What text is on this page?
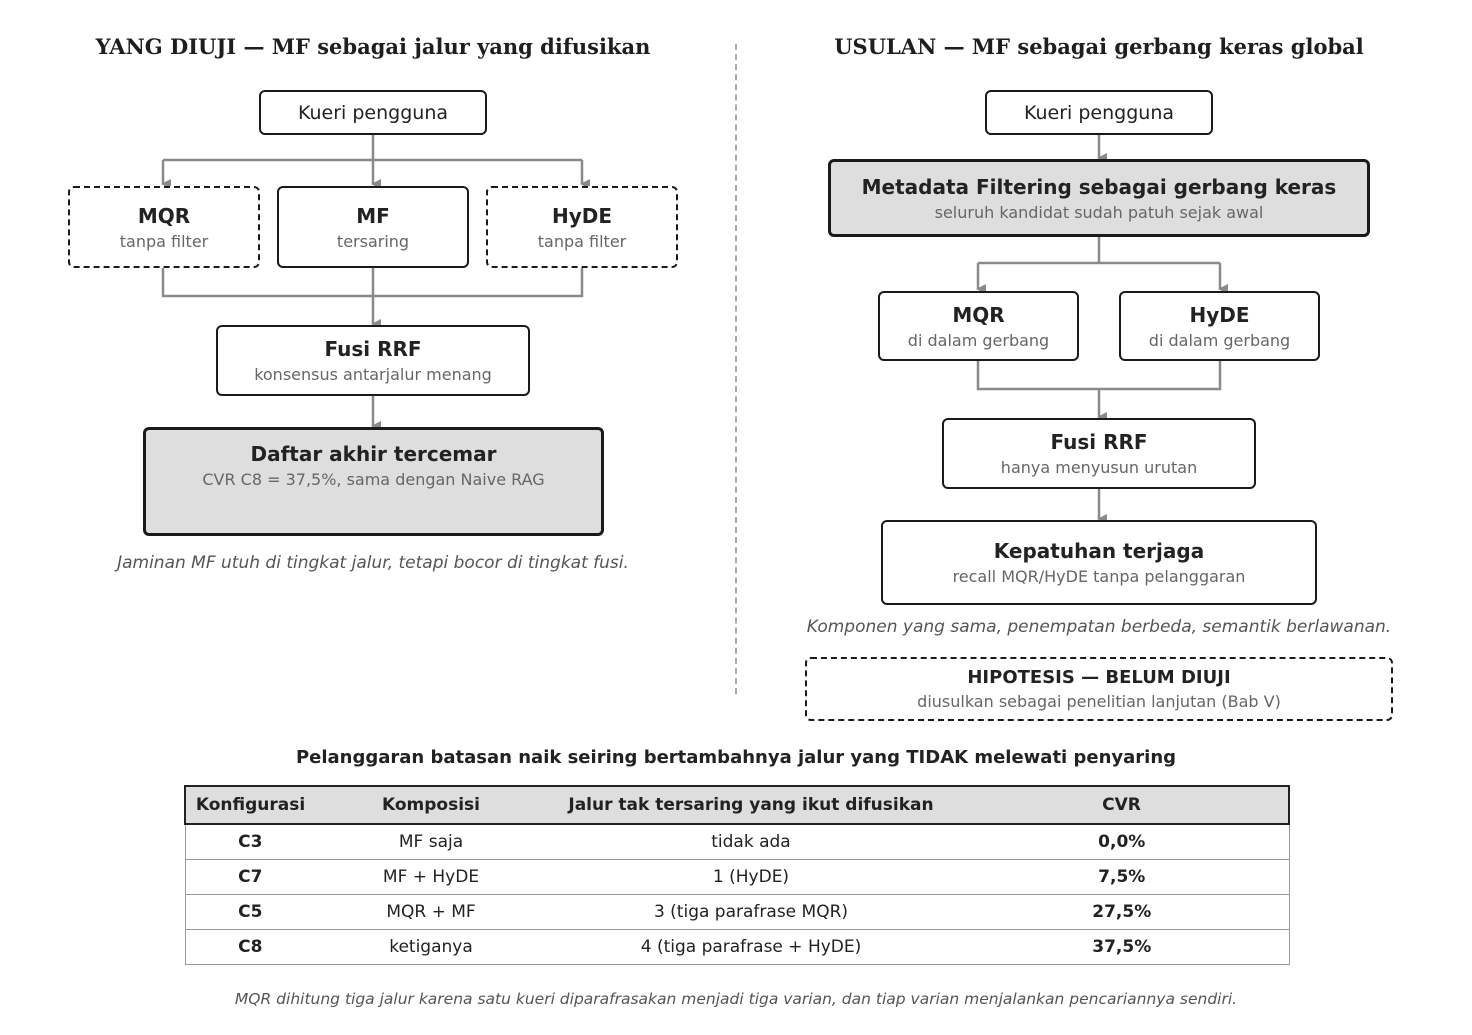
YANG DIUJI — MF sebagai jalur yang difusikan
Kueri pengguna
MQR
tanpa filter
MF
tersaring
HyDE
tanpa filter
Fusi RRF
konsensus antarjalur menang
Daftar akhir tercemar
CVR C8 = 37,5%, sama dengan Naive RAG
Jaminan MF utuh di tingkat jalur, tetapi bocor di tingkat fusi.
USULAN — MF sebagai gerbang keras global
Kueri pengguna
Metadata Filtering sebagai gerbang keras
seluruh kandidat sudah patuh sejak awal
MQR
di dalam gerbang
HyDE
di dalam gerbang
Fusi RRF
hanya menyusun urutan
Kepatuhan terjaga
recall MQR/HyDE tanpa pelanggaran
Komponen yang sama, penempatan berbeda, semantik berlawanan.
HIPOTESIS — BELUM DIUJI
diusulkan sebagai penelitian lanjutan (Bab V)
Pelanggaran batasan naik seiring bertambahnya jalur yang TIDAK melewati penyaring
Konfigurasi	Komposisi	Jalur tak tersaring yang ikut difusikan	CVR
C3	MF saja	tidak ada	0,0%
C7	MF + HyDE	1 (HyDE)	7,5%
C5	MQR + MF	3 (tiga parafrase MQR)	27,5%
C8	ketiganya	4 (tiga parafrase + HyDE)	37,5%
MQR dihitung tiga jalur karena satu kueri diparafrasakan menjadi tiga varian, dan tiap varian menjalankan pencariannya sendiri.
